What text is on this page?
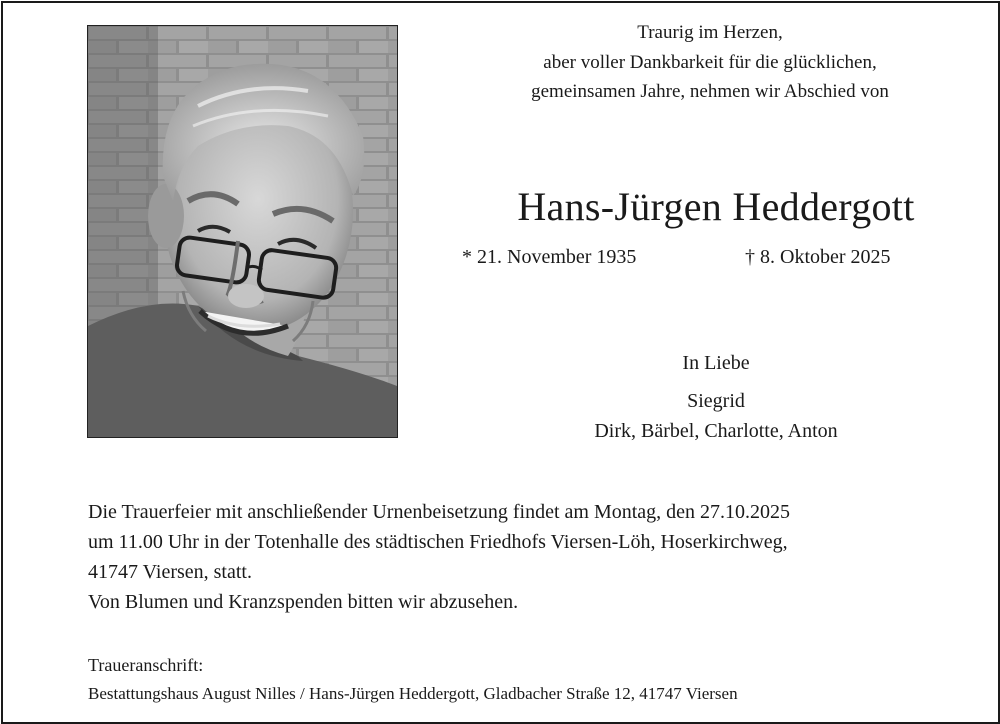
Traurig im Herzen,
aber voller Dankbarkeit für die glücklichen,
gemeinsamen Jahre, nehmen wir Abschied von
Hans-Jürgen Heddergott
* 21. November 1935	† 8. Oktober 2025
In Liebe
Siegrid
Dirk, Bärbel, Charlotte, Anton
Die Trauerfeier mit anschließender Urnenbeisetzung findet am Montag, den 27.10.2025
um 11.00 Uhr in der Totenhalle des städtischen Friedhofs Viersen-Löh, Hoserkirchweg,
41747 Viersen, statt.
Von Blumen und Kranzspenden bitten wir abzusehen.
Traueranschrift:
Bestattungshaus August Nilles / Hans-Jürgen Heddergott, Gladbacher Straße 12, 41747 Viersen
